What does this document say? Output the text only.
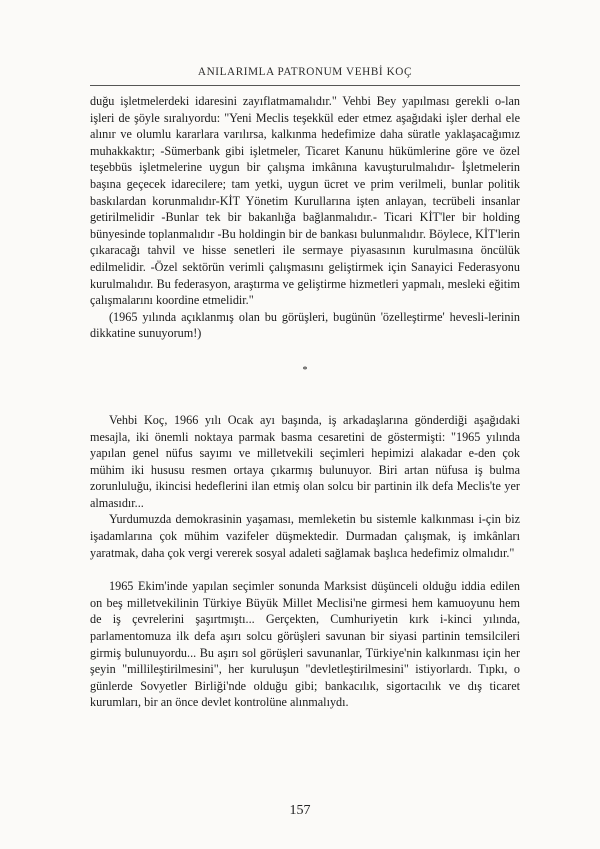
ANILARIMLA PATRONUM VEHBİ KOÇ

duğu işletmelerdeki idaresini zayıflatmamalıdır." Vehbi Bey yapılması gerekli o-lan işleri de şöyle sıralıyordu: "Yeni Meclis teşekkül eder etmez aşağıdaki işler derhal ele alınır ve olumlu kararlara varılırsa, kalkınma hedefimize daha süratle yaklaşacağımız muhakkaktır; -Sümerbank gibi işletmeler, Ticaret Kanunu hükümlerine göre ve özel teşebbüs işletmelerine uygun bir çalışma imkânına kavuşturulmalıdır- İşletmelerin başına geçecek idarecilere; tam yetki, uygun ücret ve prim verilmeli, bunlar politik baskılardan korunmalıdır-KİT Yönetim Kurullarına işten anlayan, tecrübeli insanlar getirilmelidir -Bunlar tek bir bakanlığa bağlanmalıdır.- Ticari KİT'ler bir holding bünyesinde toplanmalıdır -Bu holdingin bir de bankası bulunmalıdır. Böylece, KİT'lerin çıkaracağı tahvil ve hisse senetleri ile sermaye piyasasının kurulmasına öncülük edilmelidir. -Özel sektörün verimli çalışmasını geliştirmek için Sanayici Federasyonu kurulmalıdır. Bu federasyon, araştırma ve geliştirme hizmetleri yapmalı, mesleki eğitim çalışmalarını koordine etmelidir."

(1965 yılında açıklanmış olan bu görüşleri, bugünün 'özelleştirme' hevesli-lerinin dikkatine sunuyorum!)

*

Vehbi Koç, 1966 yılı Ocak ayı başında, iş arkadaşlarına gönderdiği aşağıdaki mesajla, iki önemli noktaya parmak basma cesaretini de göstermişti: "1965 yılında yapılan genel nüfus sayımı ve milletvekili seçimleri hepimizi alakadar e-den çok mühim iki hususu resmen ortaya çıkarmış bulunuyor. Biri artan nüfusa iş bulma zorunluluğu, ikincisi hedeflerini ilan etmiş olan solcu bir partinin ilk defa Meclis'te yer almasıdır...

Yurdumuzda demokrasinin yaşaması, memleketin bu sistemle kalkınması i-çin biz işadamlarına çok mühim vazifeler düşmektedir. Durmadan çalışmak, iş imkânları yaratmak, daha çok vergi vererek sosyal adaleti sağlamak başlıca hedefimiz olmalıdır."

1965 Ekim'inde yapılan seçimler sonunda Marksist düşünceli olduğu iddia edilen on beş milletvekilinin Türkiye Büyük Millet Meclisi'ne girmesi hem kamuoyunu hem de iş çevrelerini şaşırtmıştı... Gerçekten, Cumhuriyetin kırk i-kinci yılında, parlamentomuza ilk defa aşırı solcu görüşleri savunan bir siyasi partinin temsilcileri girmiş bulunuyordu... Bu aşırı sol görüşleri savunanlar, Türkiye'nin kalkınması için her şeyin "millileştirilmesini", her kuruluşun "devletleştirilmesini" istiyorlardı. Tıpkı, o günlerde Sovyetler Birliği'nde olduğu gibi; bankacılık, sigortacılık ve dış ticaret kurumları, bir an önce devlet kontrolüne alınmalıydı.

157
